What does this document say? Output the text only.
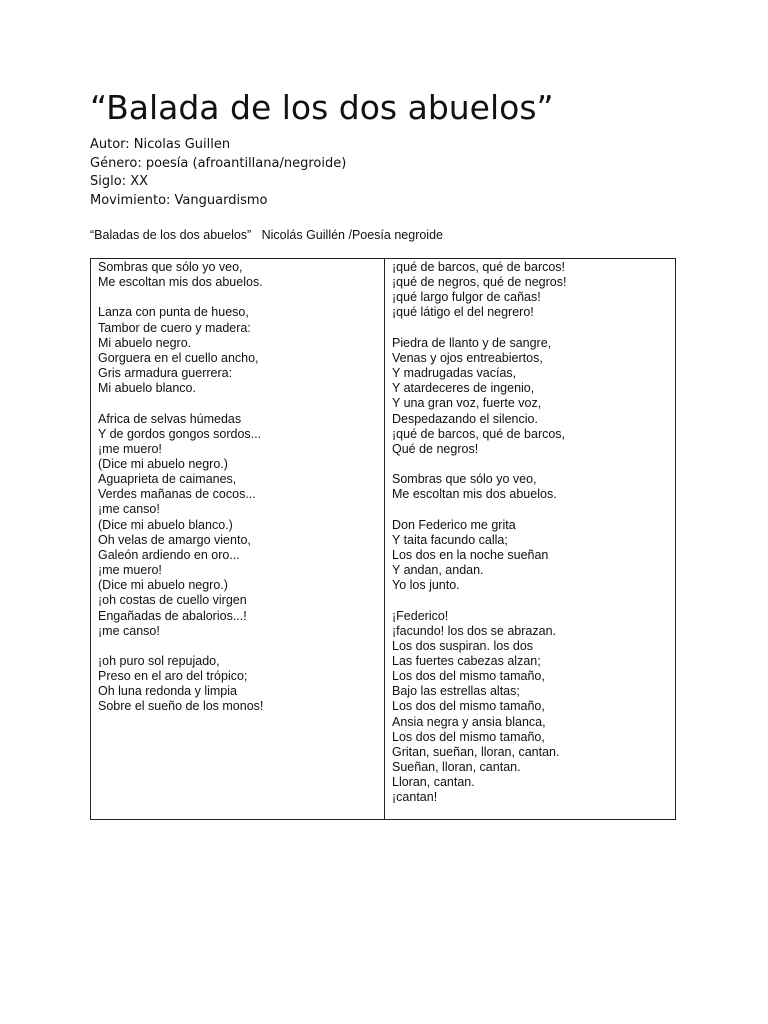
“Balada de los dos abuelos”
Autor: Nicolas Guillen
Género: poesía (afroantillana/negroide)
Siglo: XX
Movimiento: Vanguardismo
“Baladas de los dos abuelos”   Nicolás Guillén /Poesía negroide
Sombras que sólo yo veo,
Me escoltan mis dos abuelos.
Lanza con punta de hueso,
Tambor de cuero y madera:
Mi abuelo negro.
Gorguera en el cuello ancho,
Gris armadura guerrera:
Mi abuelo blanco.
Africa de selvas húmedas
Y de gordos gongos sordos...
¡me muero!
(Dice mi abuelo negro.)
Aguaprieta de caimanes,
Verdes mañanas de cocos...
¡me canso!
(Dice mi abuelo blanco.)
Oh velas de amargo viento,
Galeón ardiendo en oro...
¡me muero!
(Dice mi abuelo negro.)
¡oh costas de cuello virgen
Engañadas de abalorios...!
¡me canso!
¡oh puro sol repujado,
Preso en el aro del trópico;
Oh luna redonda y limpia
Sobre el sueño de los monos!
¡qué de barcos, qué de barcos!
¡qué de negros, qué de negros!
¡qué largo fulgor de cañas!
¡qué látigo el del negrero!
Piedra de llanto y de sangre,
Venas y ojos entreabiertos,
Y madrugadas vacías,
Y atardeceres de ingenio,
Y una gran voz, fuerte voz,
Despedazando el silencio.
¡qué de barcos, qué de barcos,
Qué de negros!
Sombras que sólo yo veo,
Me escoltan mis dos abuelos.
Don Federico me grita
Y taita facundo calla;
Los dos en la noche sueñan
Y andan, andan.
Yo los junto.
¡Federico!
¡facundo! los dos se abrazan.
Los dos suspiran. los dos
Las fuertes cabezas alzan;
Los dos del mismo tamaño,
Bajo las estrellas altas;
Los dos del mismo tamaño,
Ansia negra y ansia blanca,
Los dos del mismo tamaño,
Gritan, sueñan, lloran, cantan.
Sueñan, lloran, cantan.
Lloran, cantan.
¡cantan!
